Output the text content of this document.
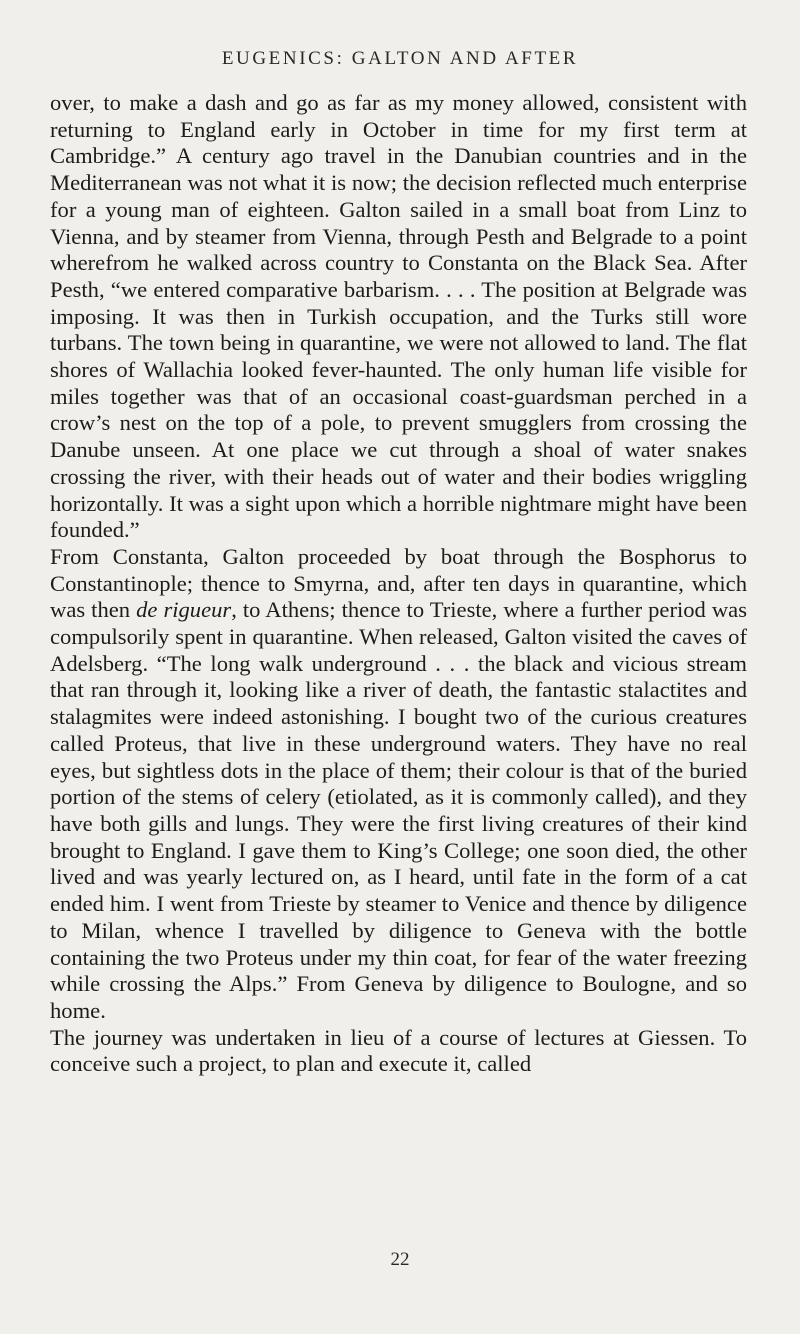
EUGENICS: GALTON AND AFTER

over, to make a dash and go as far as my money allowed, consistent with returning to England early in October in time for my first term at Cambridge.” A century ago travel in the Danubian countries and in the Mediterranean was not what it is now; the decision reflected much enterprise for a young man of eighteen. Galton sailed in a small boat from Linz to Vienna, and by steamer from Vienna, through Pesth and Belgrade to a point wherefrom he walked across country to Constanta on the Black Sea. After Pesth, “we entered comparative barbarism. . . . The position at Belgrade was imposing. It was then in Turkish occupation, and the Turks still wore turbans. The town being in quarantine, we were not allowed to land. The flat shores of Wallachia looked fever-haunted. The only human life visible for miles together was that of an occasional coast-guardsman perched in a crow’s nest on the top of a pole, to prevent smugglers from crossing the Danube unseen. At one place we cut through a shoal of water snakes crossing the river, with their heads out of water and their bodies wriggling horizontally. It was a sight upon which a horrible nightmare might have been founded.”

From Constanta, Galton proceeded by boat through the Bosphorus to Constantinople; thence to Smyrna, and, after ten days in quarantine, which was then de rigueur, to Athens; thence to Trieste, where a further period was compulsorily spent in quarantine. When released, Galton visited the caves of Adelsberg. “The long walk underground . . . the black and vicious stream that ran through it, looking like a river of death, the fantastic stalactites and stalagmites were indeed astonishing. I bought two of the curious creatures called Proteus, that live in these underground waters. They have no real eyes, but sightless dots in the place of them; their colour is that of the buried portion of the stems of celery (etiolated, as it is commonly called), and they have both gills and lungs. They were the first living creatures of their kind brought to England. I gave them to King’s College; one soon died, the other lived and was yearly lectured on, as I heard, until fate in the form of a cat ended him. I went from Trieste by steamer to Venice and thence by diligence to Milan, whence I travelled by diligence to Geneva with the bottle containing the two Proteus under my thin coat, for fear of the water freezing while crossing the Alps.” From Geneva by diligence to Boulogne, and so home.

The journey was undertaken in lieu of a course of lectures at Giessen. To conceive such a project, to plan and execute it, called

22
